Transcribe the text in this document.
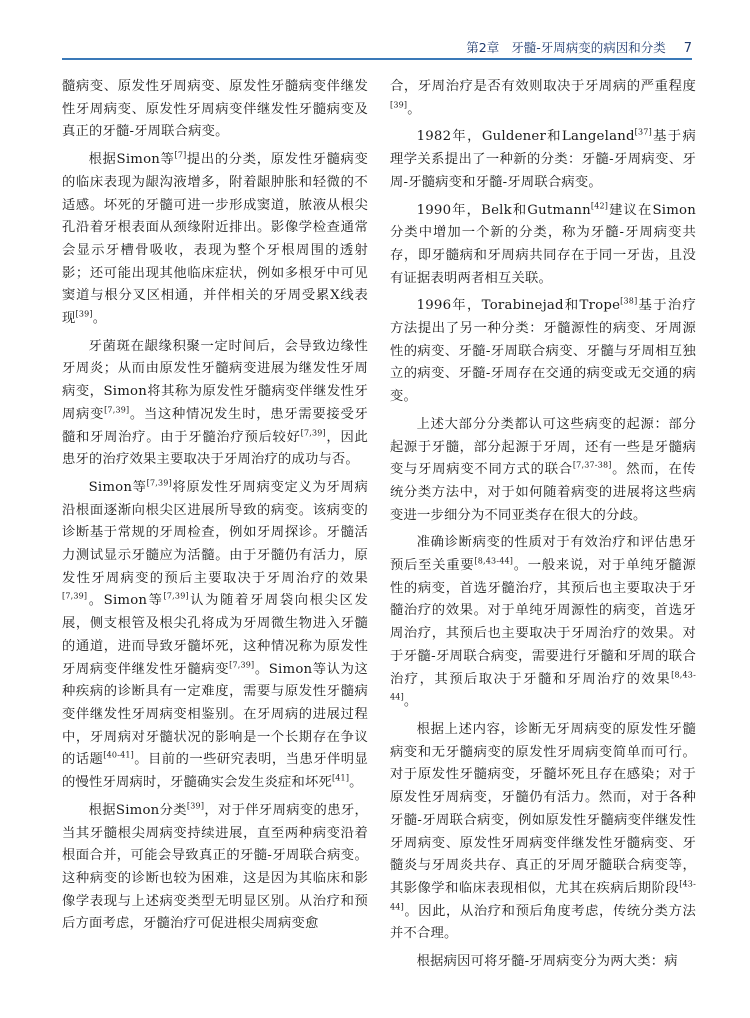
第2章 牙髓-牙周病变的病因和分类 7

髓病变、原发性牙周病变、原发性牙髓病变伴继发性牙周病变、原发性牙周病变伴继发性牙髓病变及真正的牙髓-牙周联合病变。

根据Simon等[7]提出的分类，原发性牙髓病变的临床表现为龈沟液增多，附着龈肿胀和轻微的不适感。坏死的牙髓可进一步形成窦道，脓液从根尖孔沿着牙根表面从颈缘附近排出。影像学检查通常会显示牙槽骨吸收，表现为整个牙根周围的透射影；还可能出现其他临床症状，例如多根牙中可见窦道与根分叉区相通，并伴相关的牙周受累X线表现[39]。

牙菌斑在龈缘积聚一定时间后，会导致边缘性牙周炎；从而由原发性牙髓病变进展为继发性牙周病变，Simon将其称为原发性牙髓病变伴继发性牙周病变[7,39]。当这种情况发生时，患牙需要接受牙髓和牙周治疗。由于牙髓治疗预后较好[7,39]，因此患牙的治疗效果主要取决于牙周治疗的成功与否。

Simon等[7,39]将原发性牙周病变定义为牙周病沿根面逐渐向根尖区进展所导致的病变。该病变的诊断基于常规的牙周检查，例如牙周探诊。牙髓活力测试显示牙髓应为活髓。由于牙髓仍有活力，原发性牙周病变的预后主要取决于牙周治疗的效果[7,39]。Simon等[7,39]认为随着牙周袋向根尖区发展，侧支根管及根尖孔将成为牙周微生物进入牙髓的通道，进而导致牙髓坏死，这种情况称为原发性牙周病变伴继发性牙髓病变[7,39]。Simon等认为这种疾病的诊断具有一定难度，需要与原发性牙髓病变伴继发性牙周病变相鉴别。在牙周病的进展过程中，牙周病对牙髓状况的影响是一个长期存在争议的话题[40-41]。目前的一些研究表明，当患牙伴明显的慢性牙周病时，牙髓确实会发生炎症和坏死[41]。

根据Simon分类[39]，对于伴牙周病变的患牙，当其牙髓根尖周病变持续进展，直至两种病变沿着根面合并，可能会导致真正的牙髓-牙周联合病变。这种病变的诊断也较为困难，这是因为其临床和影像学表现与上述病变类型无明显区别。从治疗和预后方面考虑，牙髓治疗可促进根尖周病变愈

合，牙周治疗是否有效则取决于牙周病的严重程度[39]。

1982年，Guldener和Langeland[37]基于病理学关系提出了一种新的分类：牙髓-牙周病变、牙周-牙髓病变和牙髓-牙周联合病变。

1990年，Belk和Gutmann[42]建议在Simon分类中增加一个新的分类，称为牙髓-牙周病变共存，即牙髓病和牙周病共同存在于同一牙齿，且没有证据表明两者相互关联。

1996年，Torabinejad和Trope[38]基于治疗方法提出了另一种分类：牙髓源性的病变、牙周源性的病变、牙髓-牙周联合病变、牙髓与牙周相互独立的病变、牙髓-牙周存在交通的病变或无交通的病变。

上述大部分分类都认可这些病变的起源：部分起源于牙髓，部分起源于牙周，还有一些是牙髓病变与牙周病变不同方式的联合[7,37-38]。然而，在传统分类方法中，对于如何随着病变的进展将这些病变进一步细分为不同亚类存在很大的分歧。

准确诊断病变的性质对于有效治疗和评估患牙预后至关重要[8,43-44]。一般来说，对于单纯牙髓源性的病变，首选牙髓治疗，其预后也主要取决于牙髓治疗的效果。对于单纯牙周源性的病变，首选牙周治疗，其预后也主要取决于牙周治疗的效果。对于牙髓-牙周联合病变，需要进行牙髓和牙周的联合治疗，其预后取决于牙髓和牙周治疗的效果[8,43-44]。

根据上述内容，诊断无牙周病变的原发性牙髓病变和无牙髓病变的原发性牙周病变简单而可行。对于原发性牙髓病变，牙髓坏死且存在感染；对于原发性牙周病变，牙髓仍有活力。然而，对于各种牙髓-牙周联合病变，例如原发性牙髓病变伴继发性牙周病变、原发性牙周病变伴继发性牙髓病变、牙髓炎与牙周炎共存、真正的牙周牙髓联合病变等，其影像学和临床表现相似，尤其在疾病后期阶段[43-44]。因此，从治疗和预后角度考虑，传统分类方法并不合理。

根据病因可将牙髓-牙周病变分为两大类：病
